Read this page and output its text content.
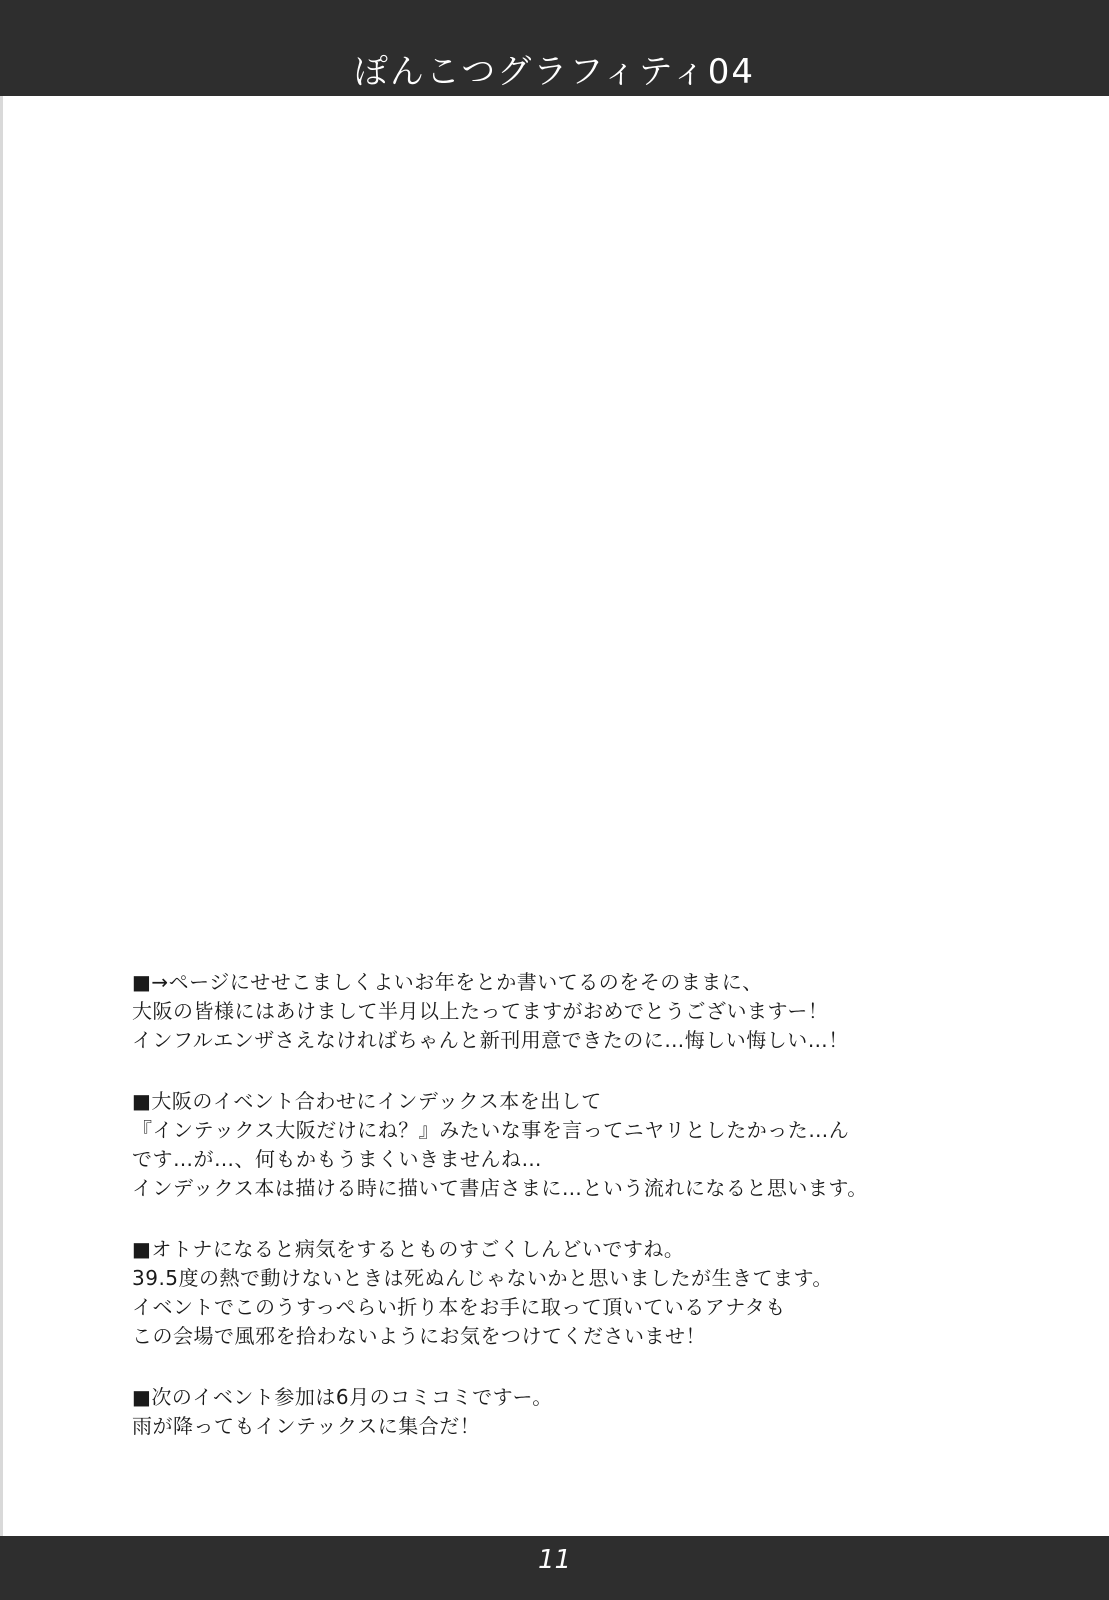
ぽんこつグラフィティ04
■→ページにせせこましくよいお年をとか書いてるのをそのままに、
大阪の皆様にはあけまして半月以上たってますがおめでとうございますー！
インフルエンザさえなければちゃんと新刊用意できたのに…悔しい悔しい…！
■大阪のイベント合わせにインデックス本を出して
『インテックス大阪だけにね？』みたいな事を言ってニヤリとしたかった…ん
です…が…、何もかもうまくいきませんね…
インデックス本は描ける時に描いて書店さまに…という流れになると思います。
■オトナになると病気をするとものすごくしんどいですね。
39.5度の熱で動けないときは死ぬんじゃないかと思いましたが生きてます。
イベントでこのうすっぺらい折り本をお手に取って頂いているアナタも
この会場で風邪を拾わないようにお気をつけてくださいませ！
■次のイベント参加は6月のコミコミですー。
雨が降ってもインテックスに集合だ！
11
